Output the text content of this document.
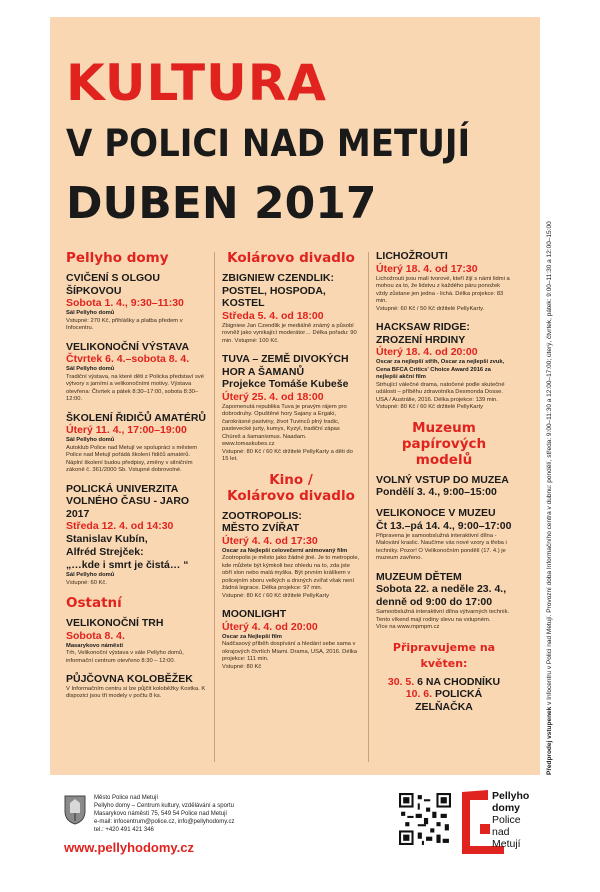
KULTURA
V POLICI NAD METUJÍ
DUBEN 2017
Pellyho domy
CVIČENÍ S OLGOU ŠÍPKOVOU
Sobota 1. 4., 9:30–11:30
Sál Pellyho domů
Vstupné: 270 Kč, přihlášky a platba předem v Infocentru.
VELIKONOČNÍ VÝSTAVA
Čtvrtek 6. 4.–sobota 8. 4.
Sál Pellyho domů
Tradiční výstava, na které děti z Policka představí své výtvory s jarními a velikonočními motivy. Výstava otevřena: Čtvrtek a pátek 8:30–17:00, sobota 8:30–12:00.
ŠKOLENÍ ŘIDIČŮ AMATÉRŮ
Úterý 11. 4., 17:00–19:00
Sál Pellyho domů
Autoklub Police nad Metují ve spolupráci s městem Police nad Metují pořádá školení řidičů amatérů. Náplní školení budou předpisy, změny v silničním zákoně č. 361/2000 Sb. Vstupné dobrovolné.
POLICKÁ UNIVERZITA
VOLNÉHO ČASU - JARO 2017
Středa 12. 4. od 14:30
Stanislav Kubín,
Alfréd Strejček:
„…kde i smrt je čistá… “
Sál Pellyho domů
Vstupné: 60 Kč.
Ostatní
VELIKONOČNÍ TRH
Sobota 8. 4.
Masarykovo náměstí
Trh, Velikonoční výstava v sále Pellyho domů, informační centrum otevřeno 8:30 – 12:00.
PŮJČOVNA KOLOBĚŽEK
V Informačním centru si lze půjčit koloběžky Kostka. K dispozici jsou tři modely v počtu 8 ks.
Kolárovo divadlo
ZBIGNIEW CZENDLIK:
POSTEL, HOSPODA, KOSTEL
Středa 5. 4. od 18:00
Zbigniew Jan Czendlik je mediálně známý a působí rovněž jako vynikající moderátor… Délka pořadu: 90 min. Vstupné: 100 Kč.
TUVA – ZEMĚ DIVOKÝCH
HOR A ŠAMANŮ
Projekce Tomáše Kubeše
Úterý 25. 4. od 18:00
Zapomenutá republika Tuva je pravým rájem pro dobrodruhy. Opuštěné hory Sajany a Ergaki, čarokrásné pastviny, život Tuvinců plný tradic, pastevecké jurty, kumys, Kyzyl, tradiční zápas Chüreš a šamanismus. Naadam. www.tomaskubes.cz
Vstupné: 80 Kč / 60 Kč držitelé PellyKarty a děti do 15 let.
Kino /
Kolárovo divadlo
ZOOTROPOLIS:
MĚSTO ZVÍŘAT
Úterý 4. 4. od 17:30
Oscar za Nejlepší celovečerní animovaný film
Zootropolis je město jako žádné jiné. Je to metropole, kde můžete být kýmkoli bez ohledu na to, zda jste obří slon nebo malá myška. Být prvním králíkem v policejním sboru velkých a drsných zvířat však není žádná legrace. Délka projekce: 97 min.
Vstupné: 80 Kč / 60 Kč držitelé PellyKarty
MOONLIGHT
Úterý 4. 4. od 20:00
Oscar za Nejlepší film
Nadčasový příběh dospívání a hledání sebe sama v okrajových čtvrtích Miami. Drama, USA, 2016. Délka projekce: 111 min.
Vstupné: 80 Kč
LICHOŽROUTI
Úterý 18. 4. od 17:30
Lichožrouti jsou malí tvorové, kteří žijí s námi lidmi a mohou za to, že lidstvu z každého páru ponožek vždy zůstane jen jedna - lichá. Délka projekce: 83 min.
Vstupné: 60 Kč / 50 Kč držitelé PellyKarty.
HACKSAW RIDGE:
ZROZENÍ HRDINY
Úterý 18. 4. od 20:00
Oscar za nejlepší střih, Oscar za nejlepší zvuk, Cena BFCA Critics' Choice Award 2016 za nejlepší akční film
Strhující válečné drama, natočené podle skutečné události – příběhu zdravotníka Desmonda Dosse. USA / Austrálie, 2016. Délka projekce: 139 min.
Vstupné: 80 Kč / 60 Kč držitelé PellyKarty
Muzeum papírových
modelů
VOLNÝ VSTUP DO MUZEA
Pondělí 3. 4., 9:00–15:00
VELIKONOCE V MUZEU
Čt 13.–pá 14. 4., 9:00–17:00
Připravena je samoobslužná interaktivní dílna - Malování kraslic. Naučíme vás nové vzory a třeba i techniky. Pozor! O Velikonočním pondělí (17. 4.) je muzeum zavřeno.
MUZEUM DĚTEM
Sobota 22. a neděle 23. 4.,
denně od 9:00 do 17:00
Samoobslužná interaktivní dílna výtvarných technik. Tento víkend mají rodiny slevu na vstupném.
Více na www.mpmpm.cz
Připravujeme na květen:
30. 5. 6 NA CHODNÍKU
10. 6. POLICKÁ ZELŇAČKA
Předprodej vstupenek v Infocentru v Polici nad Metují. Provozní doba Informačního centra v dubnu: pondělí, středa: 9:00–11:30 a 12:00–17:00; úterý, čtvrtek, pátek: 9:00–11:30 a 12:00–15:00
Město Police nad Metují
Pellyho domy – Centrum kultury, vzdělávání a sportu
Masarykovo náměstí 75, 549 54 Police nad Metují
e-mail: infocentrum@police.cz, info@pellyhodomy.cz
tel.: +420 491 421 346
www.pellyhodomy.cz
Pellyho
domy
Police
nad
Metují
